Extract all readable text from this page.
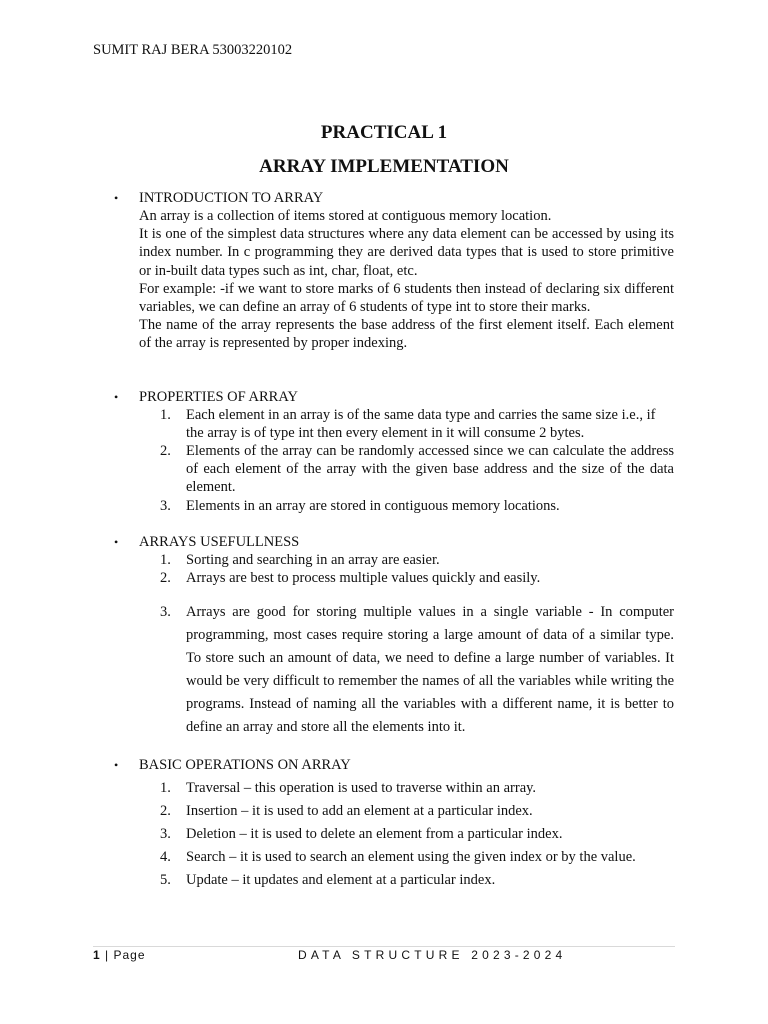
SUMIT RAJ BERA 53003220102
PRACTICAL 1
ARRAY IMPLEMENTATION
• INTRODUCTION TO ARRAY

An array is a collection of items stored at contiguous memory location.

It is one of the simplest data structures where any data element can be accessed by using its index number. In c programming they are derived data types that is used to store primitive or in-built data types such as int, char, float, etc.

For example: -if we want to store marks of 6 students then instead of declaring six different variables, we can define an array of 6 students of type int to store their marks.

The name of the array represents the base address of the first element itself. Each element of the array is represented by proper indexing.

• PROPERTIES OF ARRAY
1.	Each element in an array is of the same data type and carries the same size i.e., if the array is of type int then every element in it will consume 2 bytes.
2.	Elements of the array can be randomly accessed since we can calculate the address of each element of the array with the given base address and the size of the data element.
3.	Elements in an array are stored in contiguous memory locations.
• ARRAYS USEFULLNESS
1.	Sorting and searching in an array are easier.
2.	Arrays are best to process multiple values quickly and easily.
3.	Arrays are good for storing multiple values in a single variable - In computer programming, most cases require storing a large amount of data of a similar type. To store such an amount of data, we need to define a large number of variables. It would be very difficult to remember the names of all the variables while writing the programs. Instead of naming all the variables with a different name, it is better to define an array and store all the elements into it.
• BASIC OPERATIONS ON ARRAY
1.	Traversal – this operation is used to traverse within an array.
2.	Insertion – it is used to add an element at a particular index.
3.	Deletion – it is used to delete an element from a particular index.
4.	Search – it is used to search an element using the given index or by the value.
5.	Update – it updates and element at a particular index.
1 | Page	DATA STRUCTURE 2023-2024
